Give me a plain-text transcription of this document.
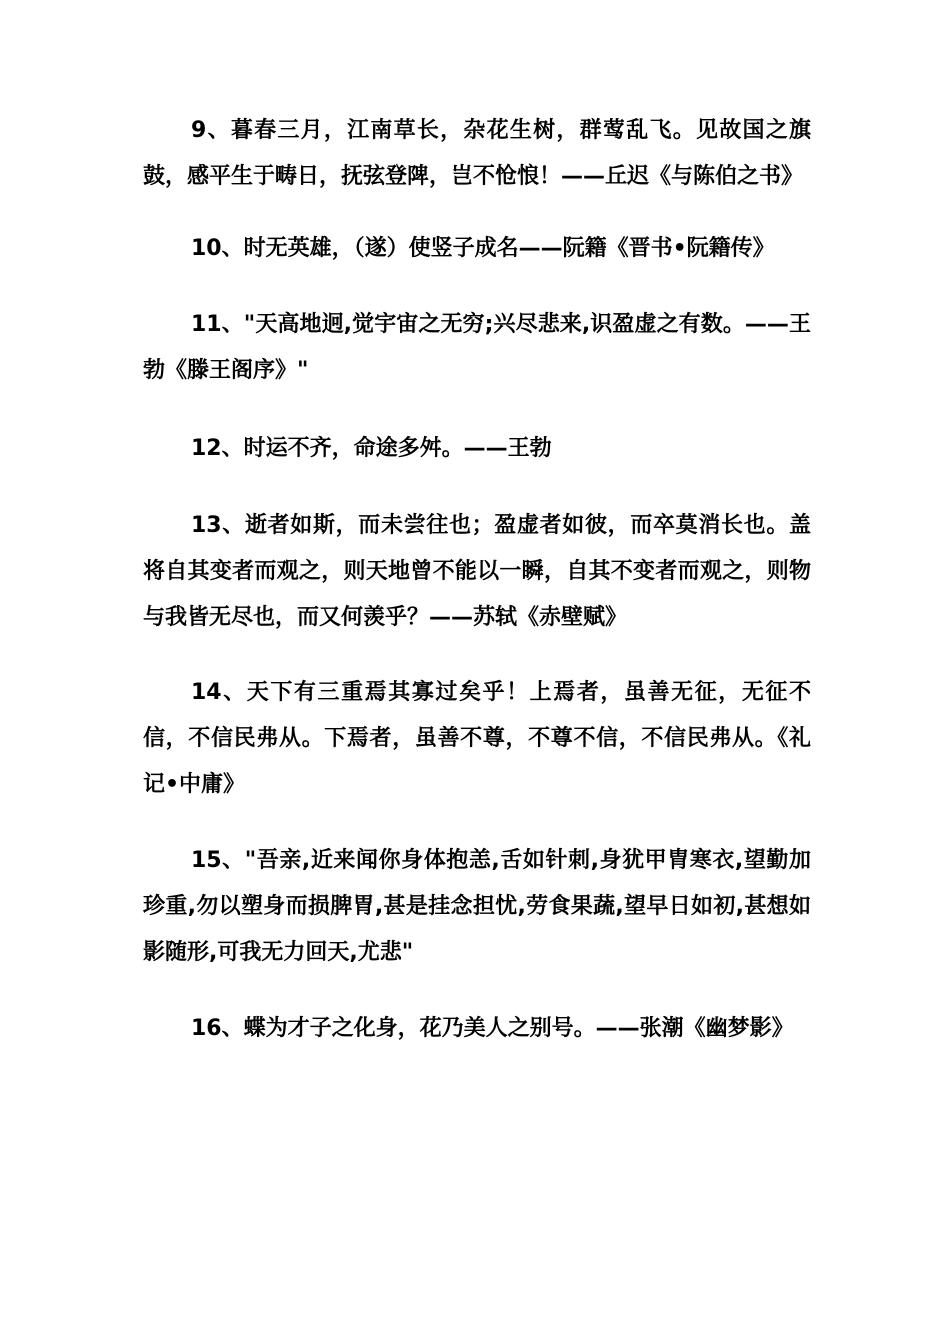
9、暮春三月，江南草长，杂花生树，群莺乱飞。见故国之旗鼓，感平生于畴日，抚弦登陴，岂不怆悢！——丘迟《与陈伯之书》

10、时无英雄，（遂）使竖子成名——阮籍《晋书•阮籍传》

11、"天高地迥,觉宇宙之无穷;兴尽悲来,识盈虚之有数。——王勃《滕王阁序》"

12、时运不齐，命途多舛。——王勃

13、逝者如斯，而未尝往也；盈虚者如彼，而卒莫消长也。盖将自其变者而观之，则天地曾不能以一瞬，自其不变者而观之，则物与我皆无尽也，而又何羡乎？——苏轼《赤壁赋》

14、天下有三重焉其寡过矣乎！上焉者，虽善无征，无征不信，不信民弗从。下焉者，虽善不尊，不尊不信，不信民弗从。《礼记•中庸》

15、"吾亲,近来闻你身体抱恙,舌如针刺,身犹甲胄寒衣,望勤加珍重,勿以塑身而损脾胃,甚是挂念担忧,劳食果蔬,望早日如初,甚想如影随形,可我无力回天,尤悲"

16、蝶为才子之化身，花乃美人之别号。——张潮《幽梦影》
